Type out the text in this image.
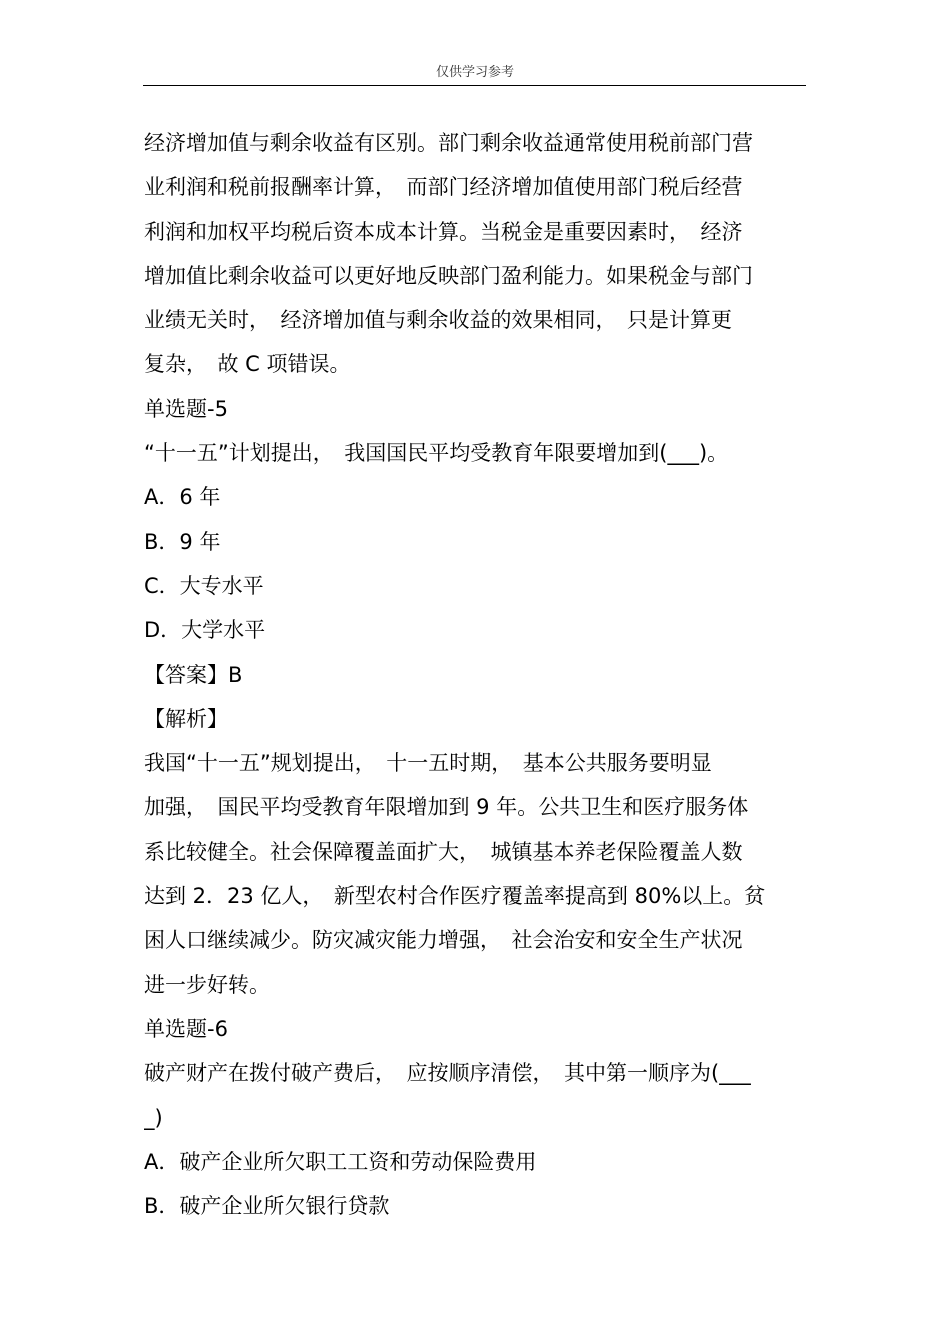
仅供学习参考
经济增加值与剩余收益有区别。部门剩余收益通常使用税前部门营
业利润和税前报酬率计算，　而部门经济增加值使用部门税后经营
利润和加权平均税后资本成本计算。当税金是重要因素时，　经济
增加值比剩余收益可以更好地反映部门盈利能力。如果税金与部门
业绩无关时，　经济增加值与剩余收益的效果相同，　只是计算更
复杂，　故 C 项错误。
单选题-5
“十一五”计划提出，　我国国民平均受教育年限要增加到(___)。
A．6 年
B．9 年
C．大专水平
D．大学水平
【答案】B
【解析】
我国“十一五”规划提出，　十一五时期，　基本公共服务要明显
加强，　国民平均受教育年限增加到 9 年。公共卫生和医疗服务体
系比较健全。社会保障覆盖面扩大，　城镇基本养老保险覆盖人数
达到 2．23 亿人，　新型农村合作医疗覆盖率提高到 80%以上。贫
困人口继续减少。防灾减灾能力增强，　社会治安和安全生产状况
进一步好转。
单选题-6
破产财产在拨付破产费后，　应按顺序清偿，　其中第一顺序为(___
_)
A．破产企业所欠职工工资和劳动保险费用
B．破产企业所欠银行贷款
